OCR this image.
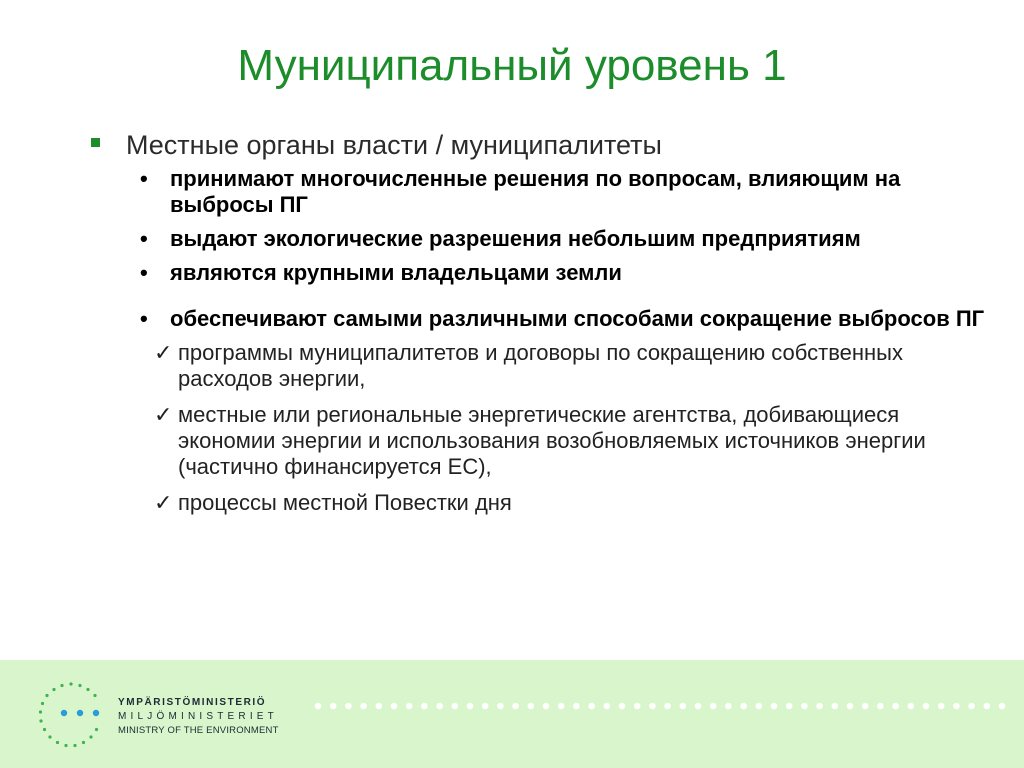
Муниципальный уровень 1
Местные органы власти / муниципалитеты
• принимают многочисленные решения по вопросам, влияющим на выбросы ПГ
• выдают экологические разрешения небольшим предприятиям
• являются крупными владельцами земли
• обеспечивают самыми различными способами сокращение выбросов ПГ
✓ программы муниципалитетов и договоры по сокращению собственных расходов энергии,
✓ местные или региональные энергетические агентства, добивающиеся экономии энергии и использования возобновляемых источников энергии (частично финансируется ЕС),
✓ процессы местной Повестки дня
YMPÄRISTÖMINISTERIÖ
MILJÖMINISTERIET
MINISTRY OF THE ENVIRONMENT
